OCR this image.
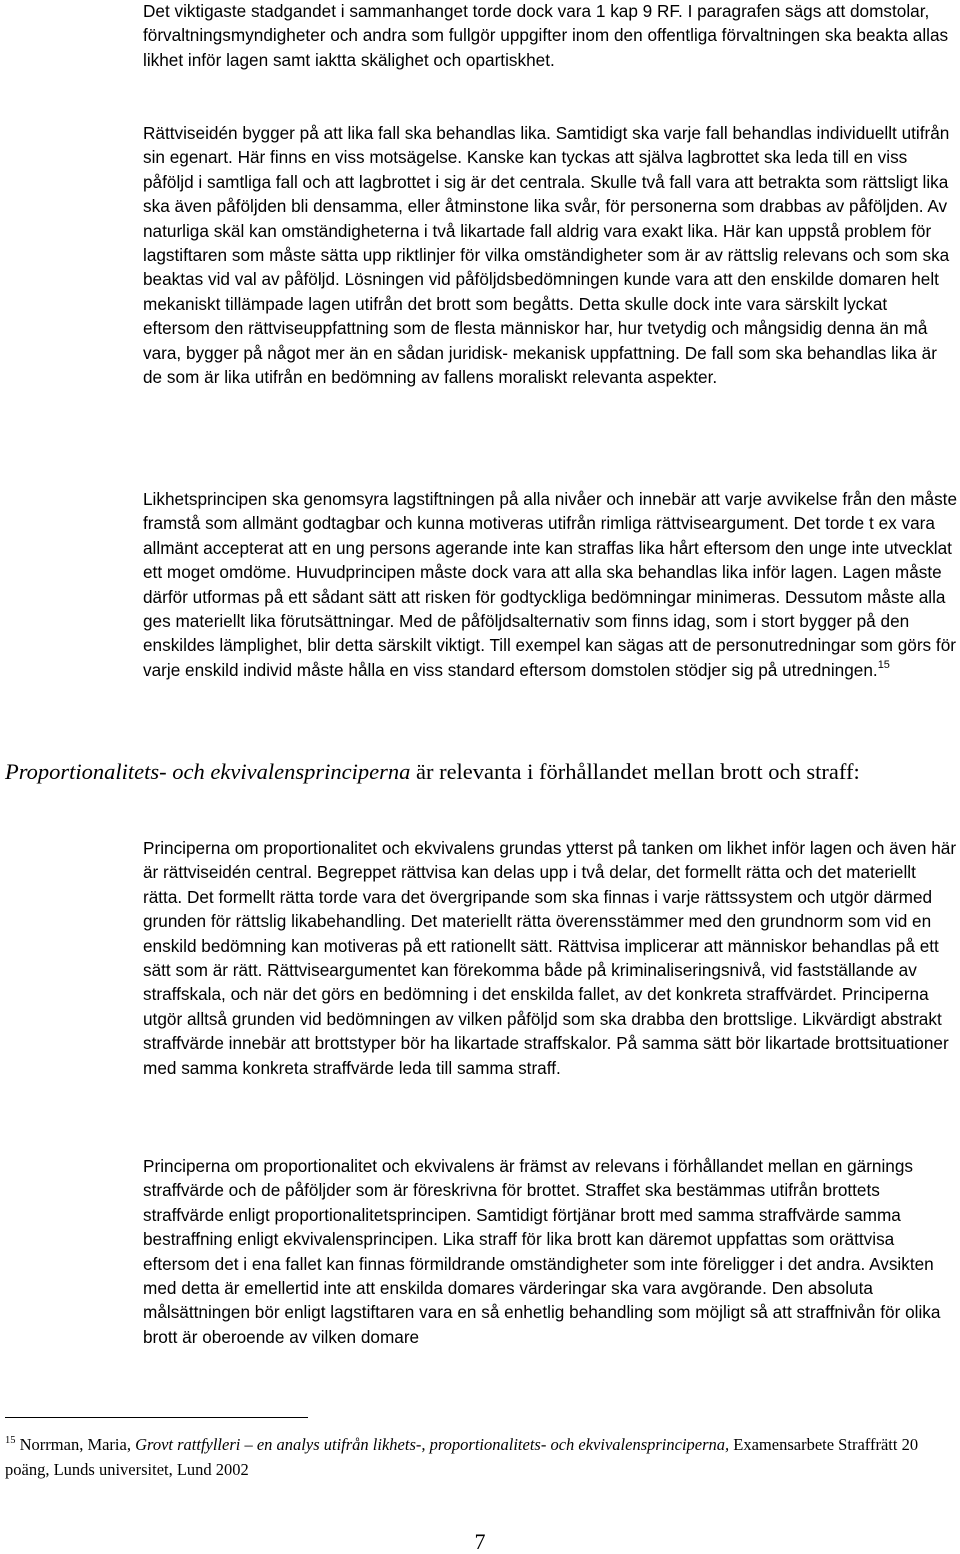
Det viktigaste stadgandet i sammanhanget torde dock vara 1 kap 9 RF. I paragrafen sägs att domstolar, förvaltningsmyndigheter och andra som fullgör uppgifter inom den offentliga förvaltningen ska beakta allas likhet inför lagen samt iaktta skälighet och opartiskhet.

Rättviseidén bygger på att lika fall ska behandlas lika. Samtidigt ska varje fall behandlas individuellt utifrån sin egenart. Här finns en viss motsägelse. Kanske kan tyckas att själva lagbrottet ska leda till en viss påföljd i samtliga fall och att lagbrottet i sig är det centrala. Skulle två fall vara att betrakta som rättsligt lika ska även påföljden bli densamma, eller åtminstone lika svår, för personerna som drabbas av påföljden. Av naturliga skäl kan omständigheterna i två likartade fall aldrig vara exakt lika. Här kan uppstå problem för lagstiftaren som måste sätta upp riktlinjer för vilka omständigheter som är av rättslig relevans och som ska beaktas vid val av påföljd. Lösningen vid påföljdsbedömningen kunde vara att den enskilde domaren helt mekaniskt tillämpade lagen utifrån det brott som begåtts. Detta skulle dock inte vara särskilt lyckat eftersom den rättviseuppfattning som de flesta människor har, hur tvetydig och mångsidig denna än må vara, bygger på något mer än en sådan juridisk- mekanisk uppfattning. De fall som ska behandlas lika är de som är lika utifrån en bedömning av fallens moraliskt relevanta aspekter.

Likhetsprincipen ska genomsyra lagstiftningen på alla nivåer och innebär att varje avvikelse från den måste framstå som allmänt godtagbar och kunna motiveras utifrån rimliga rättviseargument. Det torde t ex vara allmänt accepterat att en ung persons agerande inte kan straffas lika hårt eftersom den unge inte utvecklat ett moget omdöme. Huvudprincipen måste dock vara att alla ska behandlas lika inför lagen. Lagen måste därför utformas på ett sådant sätt att risken för godtyckliga bedömningar minimeras. Dessutom måste alla ges materiellt lika förutsättningar. Med de påföljdsalternativ som finns idag, som i stort bygger på den enskildes lämplighet, blir detta särskilt viktigt. Till exempel kan sägas att de personutredningar som görs för varje enskild individ måste hålla en viss standard eftersom domstolen stödjer sig på utredningen.$^{15}$

Proportionalitets- och ekvivalensprinciperna är relevanta i förhållandet mellan brott och straff:

Principerna om proportionalitet och ekvivalens grundas ytterst på tanken om likhet inför lagen och även här är rättviseidén central. Begreppet rättvisa kan delas upp i två delar, det formellt rätta och det materiellt rätta. Det formellt rätta torde vara det övergripande som ska finnas i varje rättssystem och utgör därmed grunden för rättslig likabehandling. Det materiellt rätta överensstämmer med den grundnorm som vid en enskild bedömning kan motiveras på ett rationellt sätt. Rättvisa implicerar att människor behandlas på ett sätt som är rätt. Rättviseargumentet kan förekomma både på kriminaliseringsnivå, vid fastställande av straffskala, och när det görs en bedömning i det enskilda fallet, av det konkreta straffvärdet. Principerna utgör alltså grunden vid bedömningen av vilken påföljd som ska drabba den brottslige. Likvärdigt abstrakt straffvärde innebär att brottstyper bör ha likartade straffskalor. På samma sätt bör likartade brottsituationer med samma konkreta straffvärde leda till samma straff.

Principerna om proportionalitet och ekvivalens är främst av relevans i förhållandet mellan en gärnings straffvärde och de påföljder som är föreskrivna för brottet. Straffet ska bestämmas utifrån brottets straffvärde enligt proportionalitetsprincipen. Samtidigt förtjänar brott med samma straffvärde samma bestraffning enligt ekvivalensprincipen. Lika straff för lika brott kan däremot uppfattas som orättvisa eftersom det i ena fallet kan finnas förmildrande omständigheter som inte föreligger i det andra. Avsikten med detta är emellertid inte att enskilda domares värderingar ska vara avgörande. Den absoluta målsättningen bör enligt lagstiftaren vara en så enhetlig behandling som möjligt så att straffnivån för olika brott är oberoende av vilken domare

$^{15}$ Norrman, Maria, Grovt rattfylleri – en analys utifrån likhets-, proportionalitets- och ekvivalensprinciperna, Examensarbete Straffrätt 20 poäng, Lunds universitet, Lund 2002

7
